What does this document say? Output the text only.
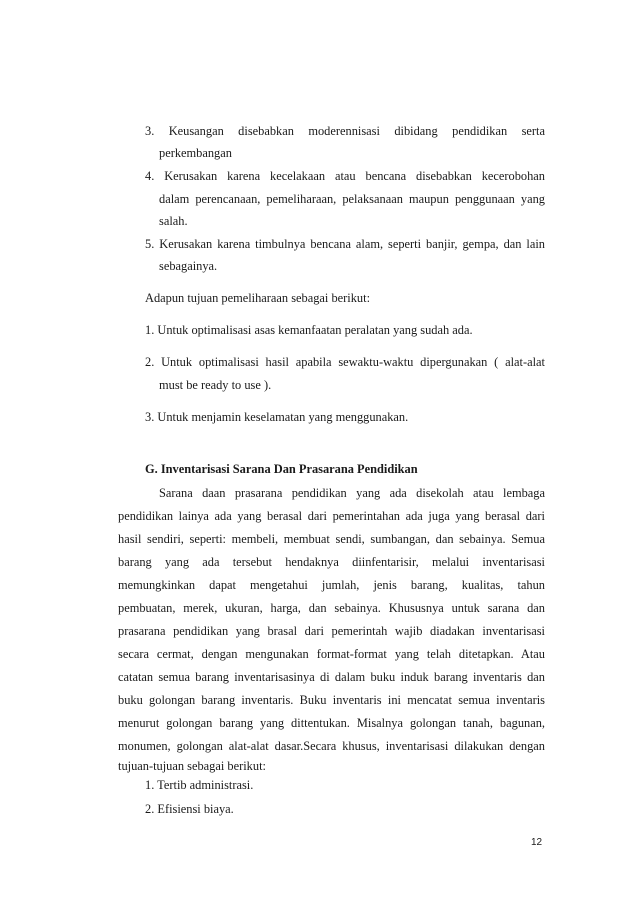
3. Keusangan disebabkan moderennisasi dibidang pendidikan serta
perkembangan
4. Kerusakan karena kecelakaan atau bencana disebabkan kecerobohan
dalam perencanaan, pemeliharaan, pelaksanaan maupun penggunaan yang
salah.
5. Kerusakan karena timbulnya bencana alam, seperti banjir, gempa, dan lain
sebagainya.
Adapun tujuan pemeliharaan sebagai berikut:
1. Untuk optimalisasi asas kemanfaatan peralatan yang sudah ada.
2. Untuk optimalisasi hasil apabila sewaktu-waktu dipergunakan ( alat-alat
must be ready to use ).
3. Untuk menjamin keselamatan yang menggunakan.
G. Inventarisasi Sarana Dan Prasarana Pendidikan
Sarana daan prasarana pendidikan yang ada disekolah atau lembaga
pendidikan lainya ada yang berasal dari pemerintahan ada juga yang berasal dari
hasil sendiri, seperti: membeli, membuat sendi, sumbangan, dan sebainya. Semua
barang yang ada tersebut hendaknya diinfentarisir, melalui inventarisasi
memungkinkan dapat mengetahui jumlah, jenis barang, kualitas, tahun
pembuatan, merek, ukuran, harga, dan sebainya. Khususnya untuk sarana dan
prasarana pendidikan yang brasal dari pemerintah wajib diadakan inventarisasi
secara cermat, dengan mengunakan format-format yang telah ditetapkan. Atau
catatan semua barang inventarisasinya di dalam buku induk barang inventaris dan
buku golongan barang inventaris. Buku inventaris ini mencatat semua inventaris
menurut golongan barang yang dittentukan. Misalnya golongan tanah, bagunan,
monumen, golongan alat-alat dasar.Secara khusus, inventarisasi dilakukan dengan
tujuan-tujuan sebagai berikut:
1. Tertib administrasi.
2. Efisiensi biaya.
12
